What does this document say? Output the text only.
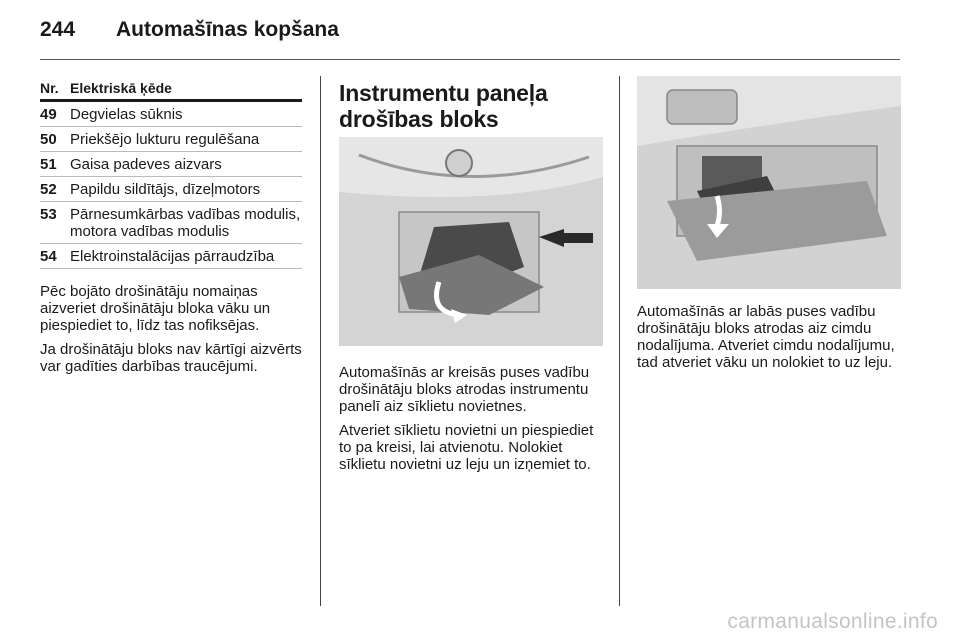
244 Automašīnas kopšana
Nr. Elektriskā ķēde
49 Degvielas sūknis
50 Priekšējo lukturu regulēšana
51 Gaisa padeves aizvars
52 Papildu sildītājs, dīzeļmotors
53 Pārnesumkārbas vadības modulis, motora vadības modulis
54 Elektroinstalācijas pārraudzība

Pēc bojāto drošinātāju nomaiņas aizveriet drošinātāju bloka vāku un piespiediet to, līdz tas nofiksējas.

Ja drošinātāju bloks nav kārtīgi aizvērts var gadīties darbības traucējumi.

Instrumentu paneļa
drošības bloks

Automašīnās ar kreisās puses vadību drošinātāju bloks atrodas instrumentu panelī aiz sīklietu novietnes.

Atveriet sīklietu novietni un piespiediet to pa kreisi, lai atvienotu. Nolokiet sīklietu novietni uz leju un izņemiet to.

Automašīnās ar labās puses vadību drošinātāju bloks atrodas aiz cimdu nodalījuma. Atveriet cimdu nodalījumu, tad atveriet vāku un nolokiet to uz leju.

carmanualsonline.info
